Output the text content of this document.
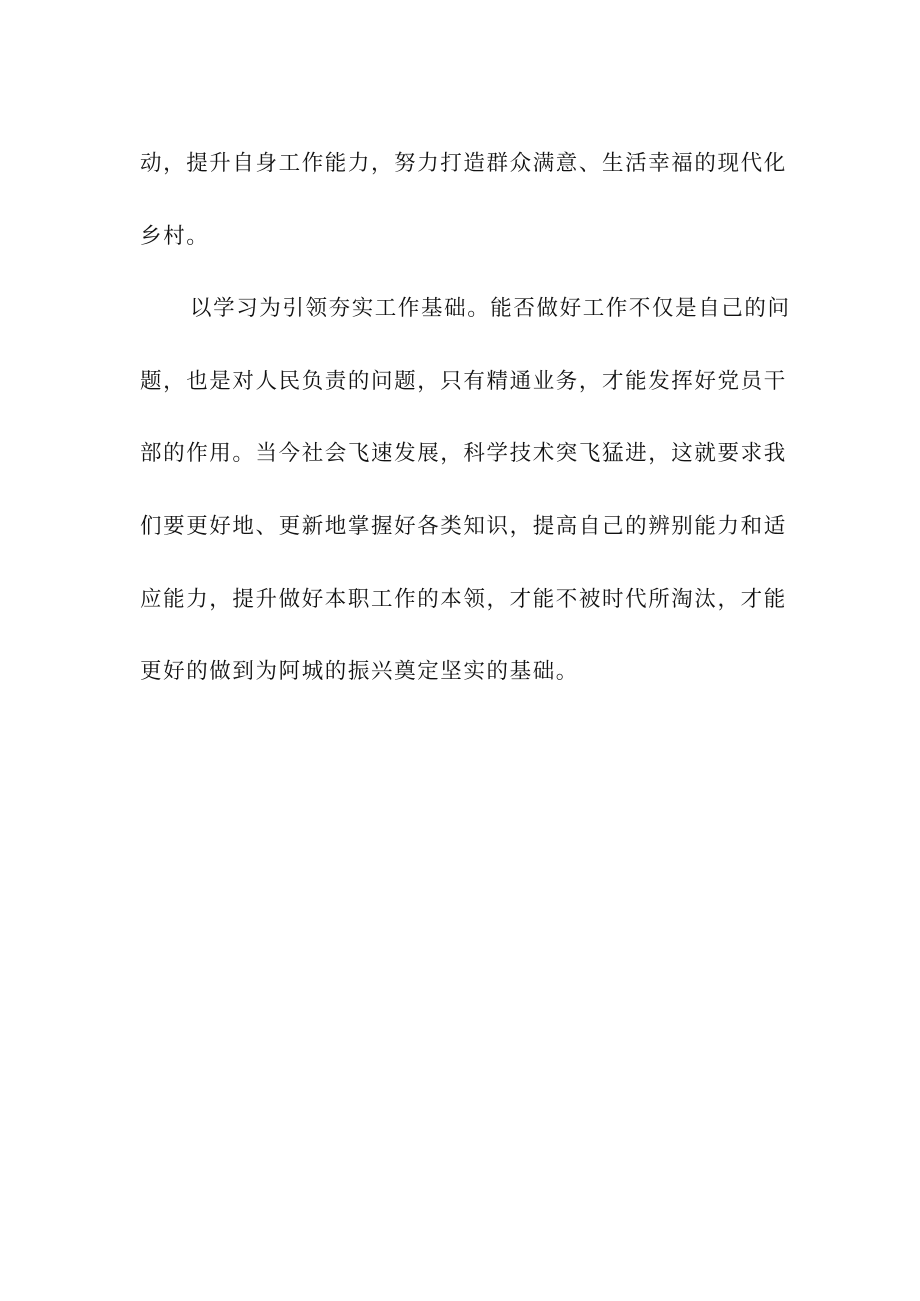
动，提升自身工作能力，努力打造群众满意、生活幸福的现代化
乡村。
以学习为引领夯实工作基础。能否做好工作不仅是自己的问
题，也是对人民负责的问题，只有精通业务，才能发挥好党员干
部的作用。当今社会飞速发展，科学技术突飞猛进，这就要求我
们要更好地、更新地掌握好各类知识，提高自己的辨别能力和适
应能力，提升做好本职工作的本领，才能不被时代所淘汰，才能
更好的做到为阿城的振兴奠定坚实的基础。
